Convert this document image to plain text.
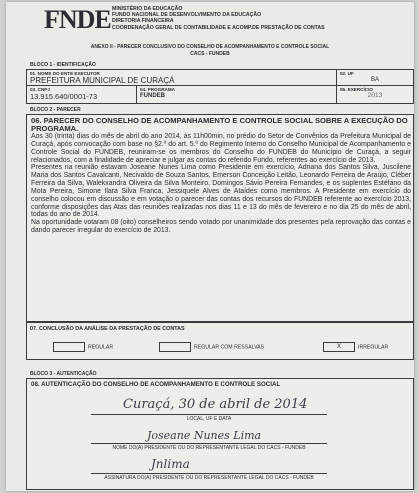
FNDE MINISTÉRIO DA EDUCAÇÃO
FUNDO NACIONAL DE DESENVOLVIMENTO DA EDUCAÇÃO
DIRETORIA FINANCEIRA
COORDENAÇÃO GERAL DE CONTABILIDADE E ACOMP.DE PRESTAÇÃO DE CONTAS
ANEXO II - PARECER CONCLUSIVO DO CONSELHO DE ACOMPANHAMENTO E CONTROLE SOCIAL
CACS - FUNDEB
BLOCO 1 - IDENTIFICAÇÃO
01. NOME DO ENTE EXECUTOR
PREFEITURA MUNICIPAL DE CURAÇÁ
02. UF
BA
03. CNPJ
13.915.640/0001-73
04. PROGRAMA
FUNDEB
05. EXERCÍCIO
2013
BLOCO 2 - PARECER
06. PARECER DO CONSELHO DE ACOMPANHAMENTO E CONTROLE SOCIAL SOBRE A EXECUÇÃO DO PROGRAMA.

Aos 30 (trinta) dias do mês de abril do ano 2014, às 11h00min, no prédio do Setor de Convênios da Prefeitura Municipal de Curaçá, após convocação com base no §2.º do art. 5.º do Regimento Interno do Conselho Municipal de Acompanhamento e Controle Social do FUNDEB, reuniram-se os membros do Conselho do FUNDEB do Município de Curaçá, a seguir relacionados, com a finalidade de apreciar e julgar as contas do referido Fundo, referentes ao exercício de 2013.

Presentes na reunião estavam Joseane Nunes Lima como Presidente em exercício, Adriana dos Santos Silva, Juscilene Maria dos Santos Cavalcanti, Necivaldo de Souza Santos, Emerson Conceição Leitão, Leonardo Ferreira de Araújo, Cléber Ferreira da Silva, Walekxandra Oliveira da Silva Monteiro, Domingos Sávio Pereira Fernandes, e os suplentes Estéfano da Mota Pereira, Simone Ilara Silva Franca, Jessiquele Alves de Ataídes como membros. A Presidente em exercício do conselho colocou em discussão e em votação o parecer das contas dos recursos do FUNDEB referente ao exercício 2013, conforme disposições das Atas das reuniões realizadas nos dias 11 e 13 do mês de fevereiro e no dia 25 do mês de abril, todas do ano de 2014.

Na oportunidade votaram 08 (oito) conselheiros sendo votado por unanimidade dos presentes pela reprovação das contas e dando parecer irregular do exercício de 2013.

07. CONCLUSÃO DA ANÁLISE DA PRESTAÇÃO DE CONTAS
REGULAR	REGULAR COM RESSALVAS	X	IRREGULAR
BLOCO 3 - AUTENTICAÇÃO
08. AUTENTICAÇÃO DO CONSELHO DE ACOMPANHAMENTO E CONTROLE SOCIAL
Curaçá, 30 de abril de 2014
LOCAL, UF E DATA
Joseane Nunes Lima
NOME DO(A) PRESIDENTE OU DO REPRESENTANTE LEGAL DO CACS - FUNDEB
Jnlima
ASSINATURA DO(A) PRESIDENTE OU DO REPRESENTANTE LEGAL DO CACS - FUNDEB
